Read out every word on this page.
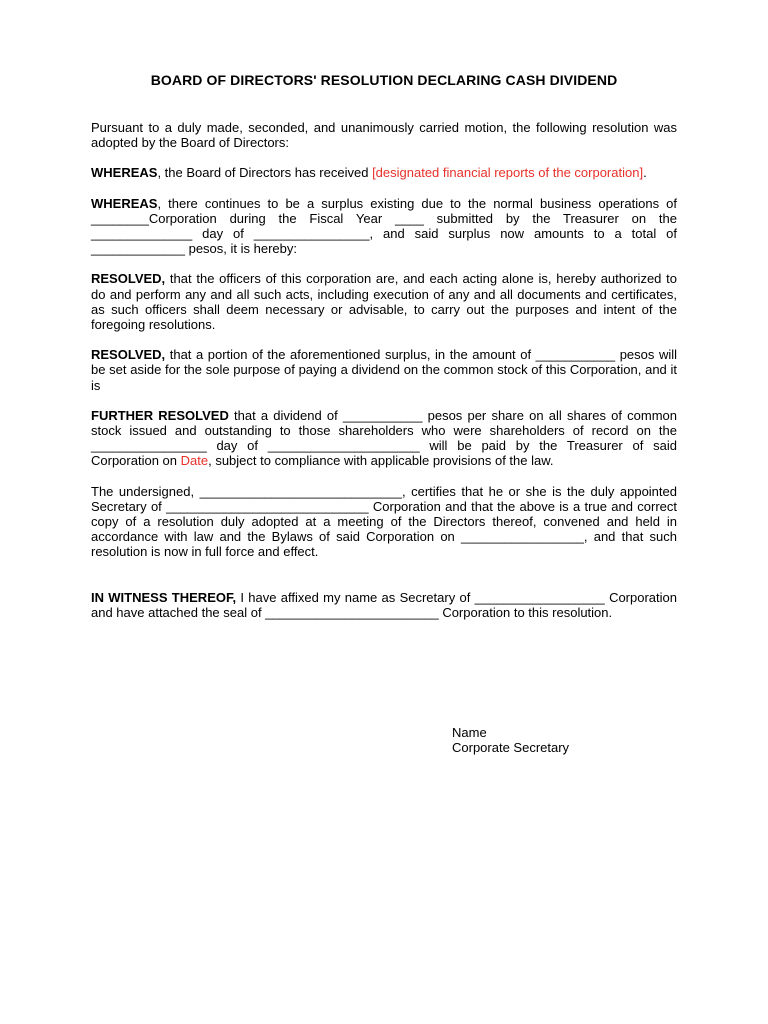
BOARD OF DIRECTORS' RESOLUTION DECLARING CASH DIVIDEND

Pursuant to a duly made, seconded, and unanimously carried motion, the following resolution was adopted by the Board of Directors:

WHEREAS, the Board of Directors has received [designated financial reports of the corporation].

WHEREAS, there continues to be a surplus existing due to the normal business operations of ________Corporation during the Fiscal Year ____ submitted by the Treasurer on the ______________ day of ________________, and said surplus now amounts to a total of _____________ pesos, it is hereby:

RESOLVED, that the officers of this corporation are, and each acting alone is, hereby authorized to do and perform any and all such acts, including execution of any and all documents and certificates, as such officers shall deem necessary or advisable, to carry out the purposes and intent of the foregoing resolutions.

RESOLVED, that a portion of the aforementioned surplus, in the amount of ___________ pesos will be set aside for the sole purpose of paying a dividend on the common stock of this Corporation, and it is

FURTHER RESOLVED that a dividend of ___________ pesos per share on all shares of common stock issued and outstanding to those shareholders who were shareholders of record on the ________________ day of _____________________ will be paid by the Treasurer of said Corporation on Date, subject to compliance with applicable provisions of the law.

The undersigned, ____________________________, certifies that he or she is the duly appointed Secretary of ____________________________ Corporation and that the above is a true and correct copy of a resolution duly adopted at a meeting of the Directors thereof, convened and held in accordance with law and the Bylaws of said Corporation on _________________, and that such resolution is now in full force and effect.

IN WITNESS THEREOF, I have affixed my name as Secretary of __________________ Corporation and have attached the seal of ________________________ Corporation to this resolution.

Name
Corporate Secretary
